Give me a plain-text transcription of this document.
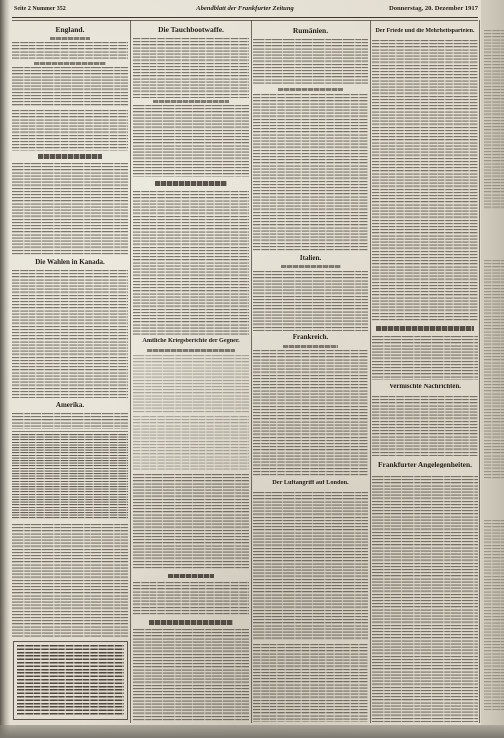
Seite 2 Nummer 352	Abendblatt der Frankfurter Zeitung	Donnerstag, 20. Dezember 1917
England.
Die Wahlen in Kanada.
Amerika.
Die Tauchbootwaffe.
Amtliche Kriegsberichte der Gegner.
Rumänien.
Italien.
Frankreich.
Der Luftangriff auf London.
Der Friede und die Mehrheitsparteien.
Vermischte Nachrichten.
Frankfurter Angelegenheiten.
